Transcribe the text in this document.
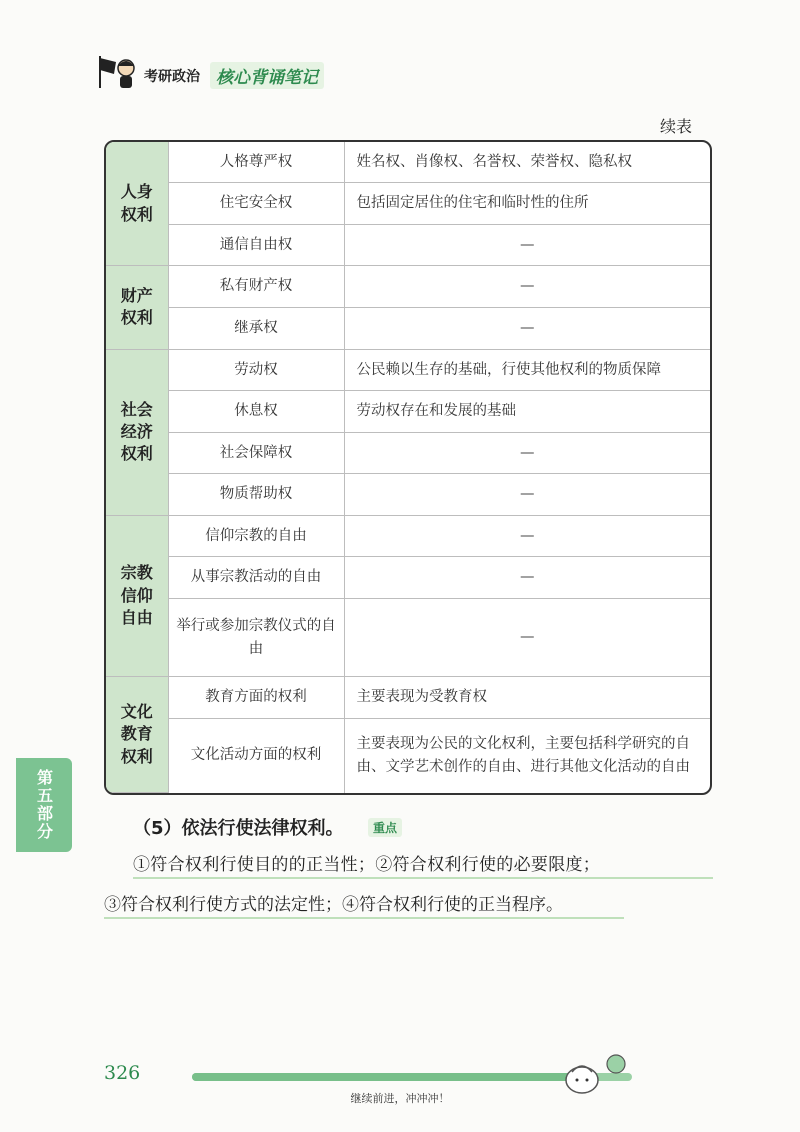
考研政治 核心背诵笔记
续表
人身权利	人格尊严权	姓名权、肖像权、名誉权、荣誉权、隐私权
	住宅安全权	包括固定居住的住宅和临时性的住所
	通信自由权	—
财产权利	私有财产权	—
	继承权	—
社会经济权利	劳动权	公民赖以生存的基础，行使其他权利的物质保障
	休息权	劳动权存在和发展的基础
	社会保障权	—
	物质帮助权	—
宗教信仰自由	信仰宗教的自由	—
	从事宗教活动的自由	—
	举行或参加宗教仪式的自由	—
文化教育权利	教育方面的权利	主要表现为受教育权
	文化活动方面的权利	主要表现为公民的文化权利，主要包括科学研究的自由、文学艺术创作的自由、进行其他文化活动的自由
（5）依法行使法律权利。	重点
①符合权利行使目的的正当性；②符合权利行使的必要限度；
③符合权利行使方式的法定性；④符合权利行使的正当程序。
第五部分
326
继续前进，冲冲冲！
